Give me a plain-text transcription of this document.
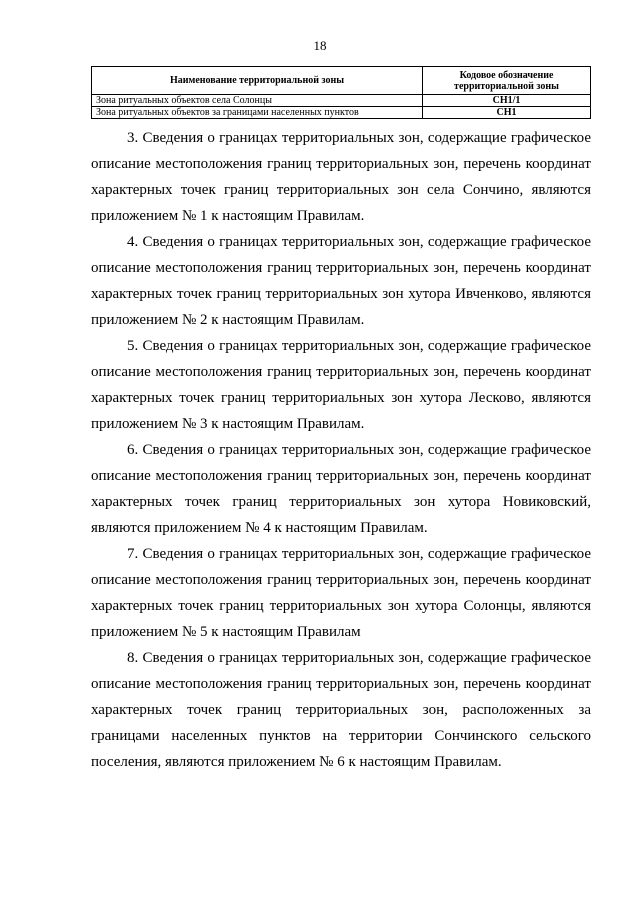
18
Наименование территориальной зоны	Кодовое обозначение
территориальной зоны
Зона ритуальных объектов села Солонцы	СН1/1
Зона ритуальных объектов за границами населенных пунктов	СН1

3. Сведения о границах территориальных зон, содержащие графическое описание местоположения границ территориальных зон, перечень координат характерных точек границ территориальных зон села Сончино, являются приложением № 1 к настоящим Правилам.

4. Сведения о границах территориальных зон, содержащие графическое описание местоположения границ территориальных зон, перечень координат характерных точек границ территориальных зон хутора Ивченково, являются приложением № 2 к настоящим Правилам.

5. Сведения о границах территориальных зон, содержащие графическое описание местоположения границ территориальных зон, перечень координат характерных точек границ территориальных зон хутора Лесково, являются приложением № 3 к настоящим Правилам.

6. Сведения о границах территориальных зон, содержащие графическое описание местоположения границ территориальных зон, перечень координат характерных точек границ территориальных зон хутора Новиковский, являются приложением № 4 к настоящим Правилам.

7. Сведения о границах территориальных зон, содержащие графическое описание местоположения границ территориальных зон, перечень координат характерных точек границ территориальных зон хутора Солонцы, являются приложением № 5 к настоящим Правилам

8. Сведения о границах территориальных зон, содержащие графическое описание местоположения границ территориальных зон, перечень координат характерных точек границ территориальных зон, расположенных за границами населенных пунктов на территории Сончинского сельского поселения, являются приложением № 6 к настоящим Правилам.
